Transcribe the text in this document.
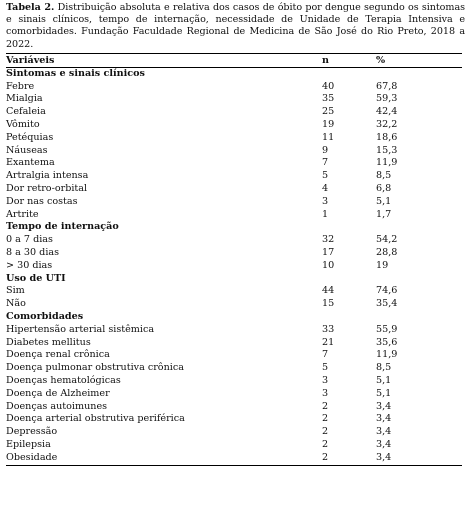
Tabela 2. Distribuição absoluta e relativa dos casos de óbito por dengue segundo os sintomas e sinais clínicos, tempo de internação, necessidade de Unidade de Terapia Intensiva e comorbidades. Fundação Faculdade Regional de Medicina de São José do Rio Preto, 2018 a 2022.

Variáveis	n	%
Sintomas e sinais clínicos		
Febre	40	67,8
Mialgia	35	59,3
Cefaleia	25	42,4
Vômito	19	32,2
Petéquias	11	18,6
Náuseas	9	15,3
Exantema	7	11,9
Artralgia intensa	5	8,5
Dor retro-orbital	4	6,8
Dor nas costas	3	5,1
Artrite	1	1,7
Tempo de internação		
0 a 7 dias	32	54,2
8 a 30 dias	17	28,8
> 30 dias	10	19
Uso de UTI		
Sim	44	74,6
Não	15	35,4
Comorbidades		
Hipertensão arterial sistêmica	33	55,9
Diabetes mellitus	21	35,6
Doença renal crônica	7	11,9
Doença pulmonar obstrutiva crônica	5	8,5
Doenças hematológicas	3	5,1
Doença de Alzheimer	3	5,1
Doenças autoimunes	2	3,4
Doença arterial obstrutiva periférica	2	3,4
Depressão	2	3,4
Epilepsia	2	3,4
Obesidade	2	3,4
